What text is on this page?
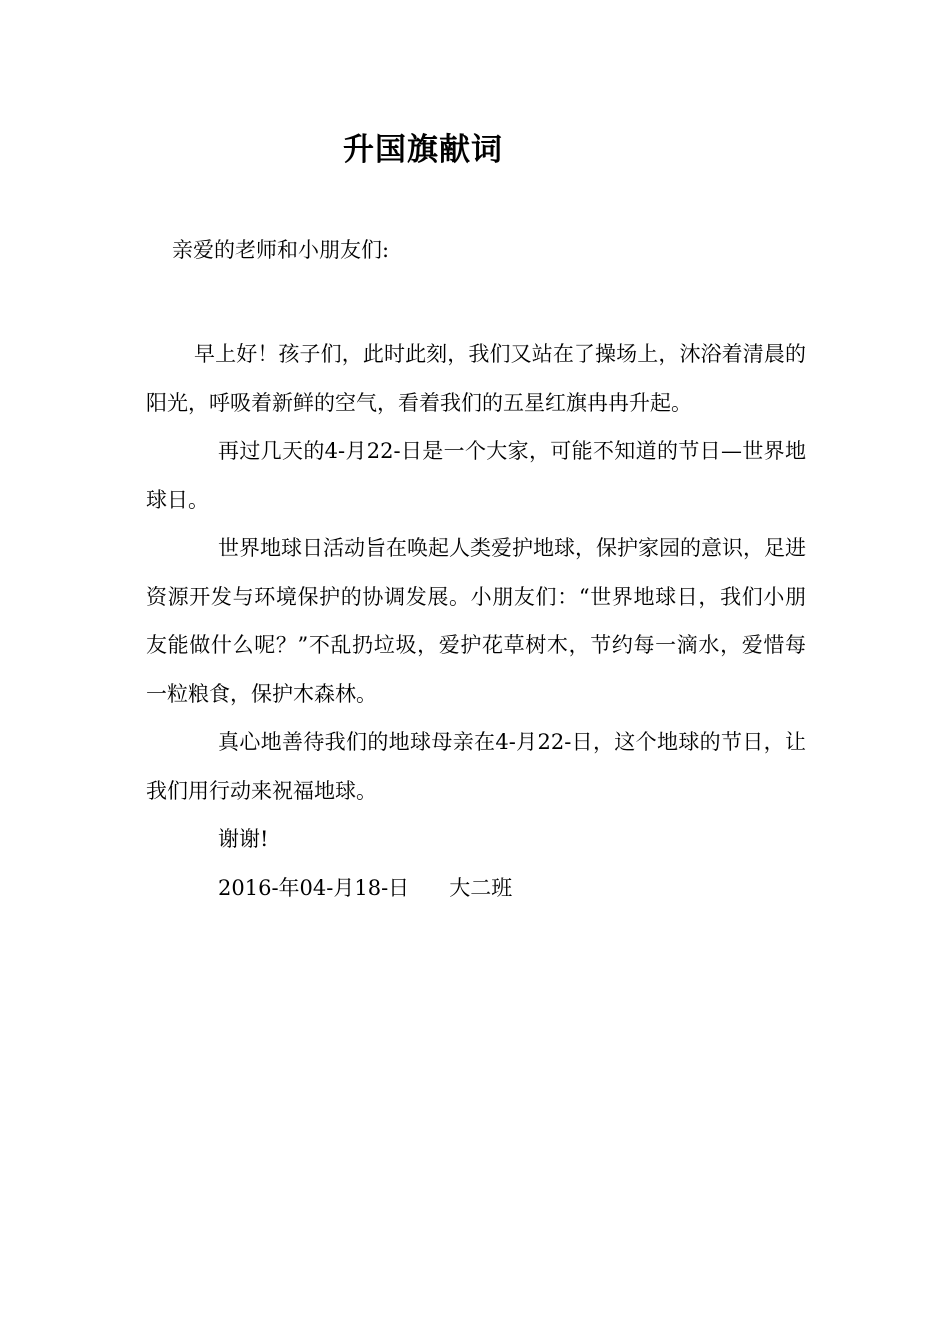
升国旗献词
亲爱的老师和小朋友们:

早上好！孩子们，此时此刻，我们又站在了操场上，沐浴着清晨的阳光，呼吸着新鲜的空气，看着我们的五星红旗冉冉升起。

再过几天的4-月22-日是一个大家，可能不知道的节日—世界地球日。

世界地球日活动旨在唤起人类爱护地球，保护家园的意识，足进资源开发与环境保护的协调发展。小朋友们：“世界地球日，我们小朋友能做什么呢？”不乱扔垃圾，爱护花草树木，节约每一滴水，爱惜每一粒粮食，保护木森林。

真心地善待我们的地球母亲在4-月22-日，这个地球的节日，让我们用行动来祝福地球。

谢谢!

2016-年04-月18-日 大二班
